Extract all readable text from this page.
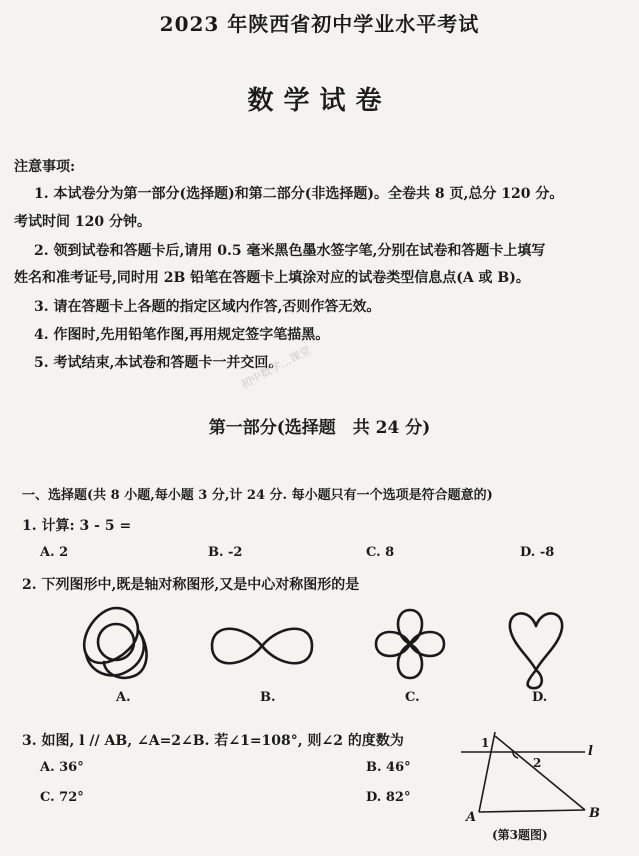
2023 年陕西省初中学业水平考试
数学试卷
注意事项:
1. 本试卷分为第一部分(选择题)和第二部分(非选择题)。全卷共 8 页,总分 120 分。
考试时间 120 分钟。
2. 领到试卷和答题卡后,请用 0.5 毫米黑色墨水签字笔,分别在试卷和答题卡上填写
姓名和准考证号,同时用 2B 铅笔在答题卡上填涂对应的试卷类型信息点(A 或 B)。
3. 请在答题卡上各题的指定区域内作答,否则作答无效。
4. 作图时,先用铅笔作图,再用规定签字笔描黑。
5. 考试结束,本试卷和答题卡一并交回。
初中数学…课堂
第一部分(选择题　共 24 分)
一、选择题(共 8 小题,每小题 3 分,计 24 分. 每小题只有一个选项是符合题意的)
1. 计算: 3 - 5 =
A. 2	B. -2	C. 8	D. -8
2. 下列图形中,既是轴对称图形,又是中心对称图形的是
A.	B.	C.	D.
3. 如图, l // AB, ∠A=2∠B. 若∠1=108°, 则∠2 的度数为
A. 36°	B. 46°
C. 72°	D. 82°
1
2
l
A	B
(第3题图)
